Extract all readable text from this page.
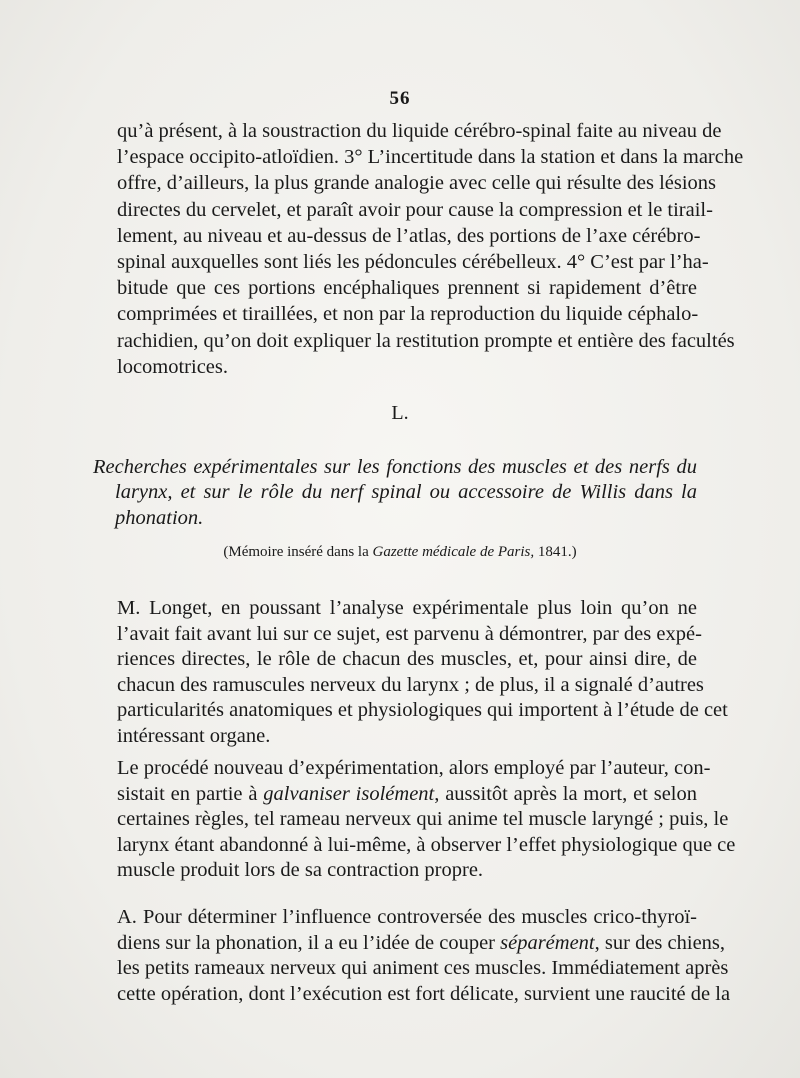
56
qu’à présent, à la soustraction du liquide cérébro-spinal faite au niveau de
l’espace occipito-atloïdien. 3° L’incertitude dans la station et dans la marche
offre, d’ailleurs, la plus grande analogie avec celle qui résulte des lésions
directes du cervelet, et paraît avoir pour cause la compression et le tirail-
lement, au niveau et au-dessus de l’atlas, des portions de l’axe cérébro-
spinal auxquelles sont liés les pédoncules cérébelleux. 4° C’est par l’ha-
bitude que ces portions encéphaliques prennent si rapidement d’être
comprimées et tiraillées, et non par la reproduction du liquide céphalo-
rachidien, qu’on doit expliquer la restitution prompte et entière des facultés
locomotrices.
L.
Recherches expérimentales sur les fonctions des muscles et des nerfs du
larynx, et sur le rôle du nerf spinal ou accessoire de Willis dans la
phonation.
(Mémoire inséré dans la Gazette médicale de Paris, 1841.)
M. Longet, en poussant l’analyse expérimentale plus loin qu’on ne
l’avait fait avant lui sur ce sujet, est parvenu à démontrer, par des expé-
riences directes, le rôle de chacun des muscles, et, pour ainsi dire, de
chacun des ramuscules nerveux du larynx ; de plus, il a signalé d’autres
particularités anatomiques et physiologiques qui importent à l’étude de cet
intéressant organe.
Le procédé nouveau d’expérimentation, alors employé par l’auteur, con-
sistait en partie à galvaniser isolément, aussitôt après la mort, et selon
certaines règles, tel rameau nerveux qui anime tel muscle laryngé ; puis, le
larynx étant abandonné à lui-même, à observer l’effet physiologique que ce
muscle produit lors de sa contraction propre.
A. Pour déterminer l’influence controversée des muscles crico-thyroï-
diens sur la phonation, il a eu l’idée de couper séparément, sur des chiens,
les petits rameaux nerveux qui animent ces muscles. Immédiatement après
cette opération, dont l’exécution est fort délicate, survient une raucité de la
